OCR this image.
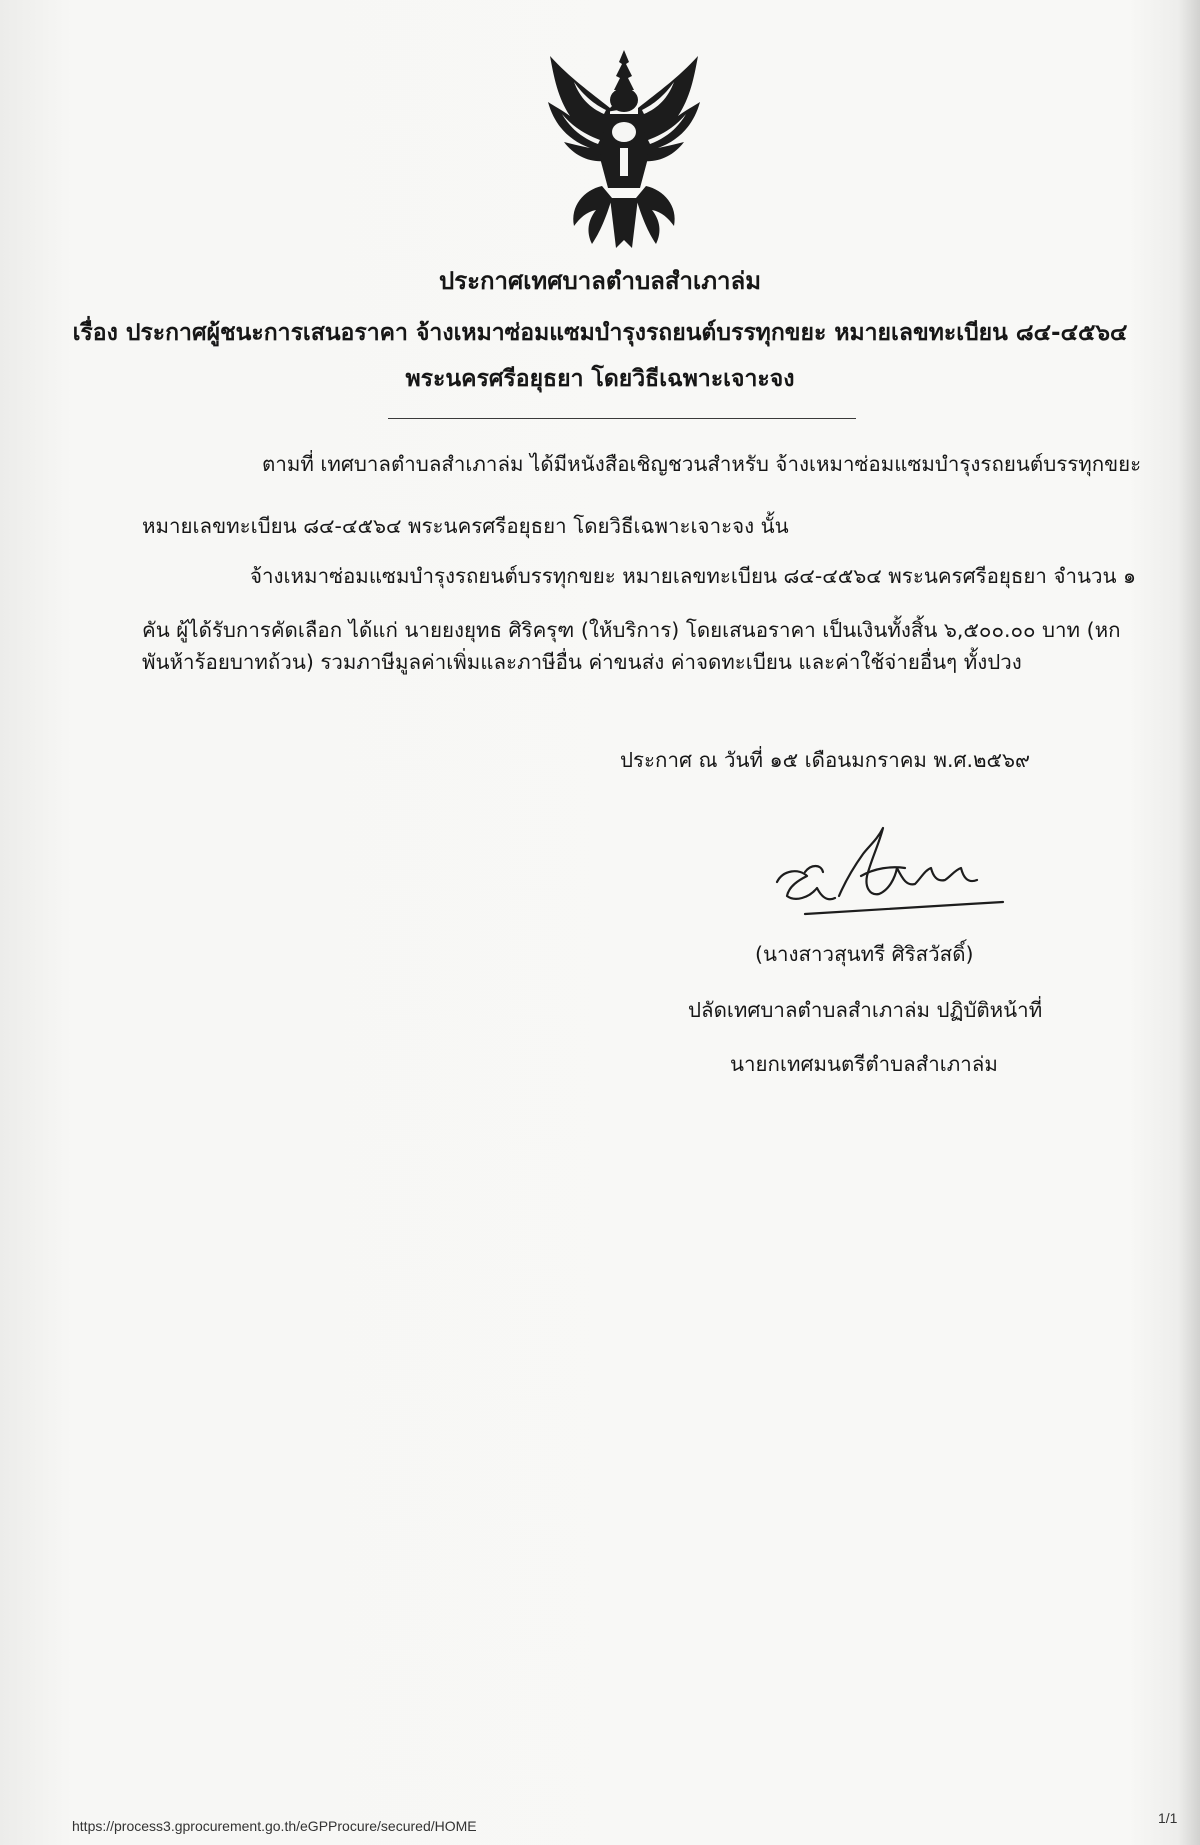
ประกาศเทศบาลตำบลสำเภาล่ม
เรื่อง ประกาศผู้ชนะการเสนอราคา จ้างเหมาซ่อมแซมบำรุงรถยนต์บรรทุกขยะ หมายเลขทะเบียน ๘๔-๔๕๖๔
พระนครศรีอยุธยา โดยวิธีเฉพาะเจาะจง
ตามที่ เทศบาลตำบลสำเภาล่ม ได้มีหนังสือเชิญชวนสำหรับ จ้างเหมาซ่อมแซมบำรุงรถยนต์บรรทุกขยะ
หมายเลขทะเบียน ๘๔-๔๕๖๔ พระนครศรีอยุธยา โดยวิธีเฉพาะเจาะจง นั้น
จ้างเหมาซ่อมแซมบำรุงรถยนต์บรรทุกขยะ หมายเลขทะเบียน ๘๔-๔๕๖๔ พระนครศรีอยุธยา จำนวน ๑
คัน ผู้ได้รับการคัดเลือก ได้แก่ นายยงยุทธ ศิริครุฑ (ให้บริการ) โดยเสนอราคา เป็นเงินทั้งสิ้น ๖,๕๐๐.๐๐ บาท (หก
พันห้าร้อยบาทถ้วน) รวมภาษีมูลค่าเพิ่มและภาษีอื่น ค่าขนส่ง ค่าจดทะเบียน และค่าใช้จ่ายอื่นๆ ทั้งปวง
ประกาศ ณ วันที่ ๑๕ เดือนมกราคม พ.ศ.๒๕๖๙
(นางสาวสุนทรี ศิริสวัสดิ์)
ปลัดเทศบาลตำบลสำเภาล่ม ปฏิบัติหน้าที่
นายกเทศมนตรีตำบลสำเภาล่ม
https://process3.gprocurement.go.th/eGPProcure/secured/HOME	1/1
